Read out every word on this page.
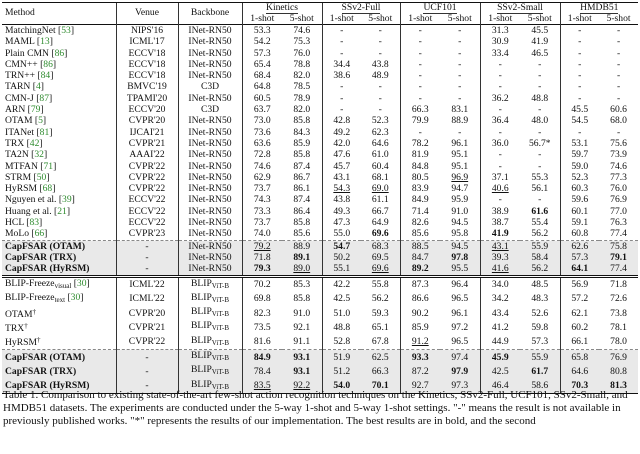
Method	Venue	Backbone	Kinetics		SSv2-Full		UCF101		SSv2-Small		HMDB51	
			1-shot	5-shot	1-shot	5-shot	1-shot	5-shot	1-shot	5-shot	1-shot	5-shot
MatchingNet [53]	NIPS'16	INet-RN50	53.3	74.6	-	-	-	-	31.3	45.5	-	-
MAML [13]	ICML'17	INet-RN50	54.2	75.3	-	-	-	-	30.9	41.9	-	-
Plain CMN [86]	ECCV'18	INet-RN50	57.3	76.0	-	-	-	-	33.4	46.5	-	-
CMN++ [86]	ECCV'18	INet-RN50	65.4	78.8	34.4	43.8	-	-	-	-	-	-
TRN++ [84]	ECCV'18	INet-RN50	68.4	82.0	38.6	48.9	-	-	-	-	-	-
TARN [4]	BMVC'19	C3D	64.8	78.5	-	-	-	-	-	-	-	-
CMN-J [87]	TPAMI'20	INet-RN50	60.5	78.9	-	-	-	-	36.2	48.8	-	-
ARN [79]	ECCV'20	C3D	63.7	82.0	-	-	66.3	83.1	-	-	45.5	60.6
OTAM [5]	CVPR'20	INet-RN50	73.0	85.8	42.8	52.3	79.9	88.9	36.4	48.0	54.5	68.0
ITANet [81]	IJCAI'21	INet-RN50	73.6	84.3	49.2	62.3	-	-	-	-	-	-
TRX [42]	CVPR'21	INet-RN50	63.6	85.9	42.0	64.6	78.2	96.1	36.0	56.7*	53.1	75.6
TA2N [32]	AAAI'22	INet-RN50	72.8	85.8	47.6	61.0	81.9	95.1	-	-	59.7	73.9
MTFAN [71]	CVPR'22	INet-RN50	74.6	87.4	45.7	60.4	84.8	95.1	-	-	59.0	74.6
STRM [50]	CVPR'22	INet-RN50	62.9	86.7	43.1	68.1	80.5	96.9	37.1	55.3	52.3	77.3
HyRSM [68]	CVPR'22	INet-RN50	73.7	86.1	54.3	69.0	83.9	94.7	40.6	56.1	60.3	76.0
Nguyen et al. [39]	ECCV'22	INet-RN50	74.3	87.4	43.8	61.1	84.9	95.9	-	-	59.6	76.9
Huang et al. [21]	ECCV'22	INet-RN50	73.3	86.4	49.3	66.7	71.4	91.0	38.9	61.6	60.1	77.0
HCL [83]	ECCV'22	INet-RN50	73.7	85.8	47.3	64.9	82.6	94.5	38.7	55.4	59.1	76.3
MoLo [66]	CVPR'23	INet-RN50	74.0	85.6	55.0	69.6	85.6	95.8	41.9	56.2	60.8	77.4
CapFSAR (OTAM)	-	INet-RN50	79.2	88.9	54.7	68.3	88.5	94.5	43.1	55.9	62.6	75.8
CapFSAR (TRX)	-	INet-RN50	71.8	89.1	50.2	69.5	84.7	97.8	39.3	58.4	57.3	79.1
CapFSAR (HyRSM)	-	INet-RN50	79.3	89.0	55.1	69.6	89.2	95.5	41.6	56.2	64.1	77.4
BLIP-Freeze$_{visual}$ [30]	ICML'22	$BLIP_{ViT-B}$	70.2	85.3	42.2	55.8	87.3	96.4	34.0	48.5	56.9	71.8
BLIP-Freeze$_{text}$ [30]	ICML'22	$BLIP_{ViT-B}$	69.8	85.8	42.5	56.2	86.6	96.5	34.2	48.3	57.2	72.6
OTAM†	CVPR'20	$BLIP_{ViT-B}$	82.3	91.0	51.0	59.3	90.2	96.1	43.4	52.6	62.1	73.8
TRX†	CVPR'21	$BLIP_{ViT-B}$	73.5	92.1	48.8	65.1	85.9	97.2	41.2	59.8	60.2	78.1
HyRSM†	CVPR'22	$BLIP_{ViT-B}$	81.6	91.1	52.8	67.8	91.2	96.5	44.9	57.3	66.1	78.0
CapFSAR (OTAM)	-	$BLIP_{ViT-B}$	84.9	93.1	51.9	62.5	93.3	97.4	45.9	55.9	65.8	76.9
CapFSAR (TRX)	-	$BLIP_{ViT-B}$	78.4	93.1	51.2	66.3	87.2	97.9	42.5	61.7	64.6	80.8
CapFSAR (HyRSM)	-	$BLIP_{ViT-B}$	83.5	92.2	54.0	70.1	92.7	97.3	46.4	58.6	70.3	81.3
Table 1. Comparison to existing state-of-the-art few-shot action recognition techniques on the Kinetics, SSv2-Full, UCF101, SSv2-Small, and HMDB51 datasets. The experiments are conducted under the 5-way 1-shot and 5-way 1-shot settings. "-" means the result is not available in previously published works. "*" represents the results of our implementation. The best results are in bold, and the second
